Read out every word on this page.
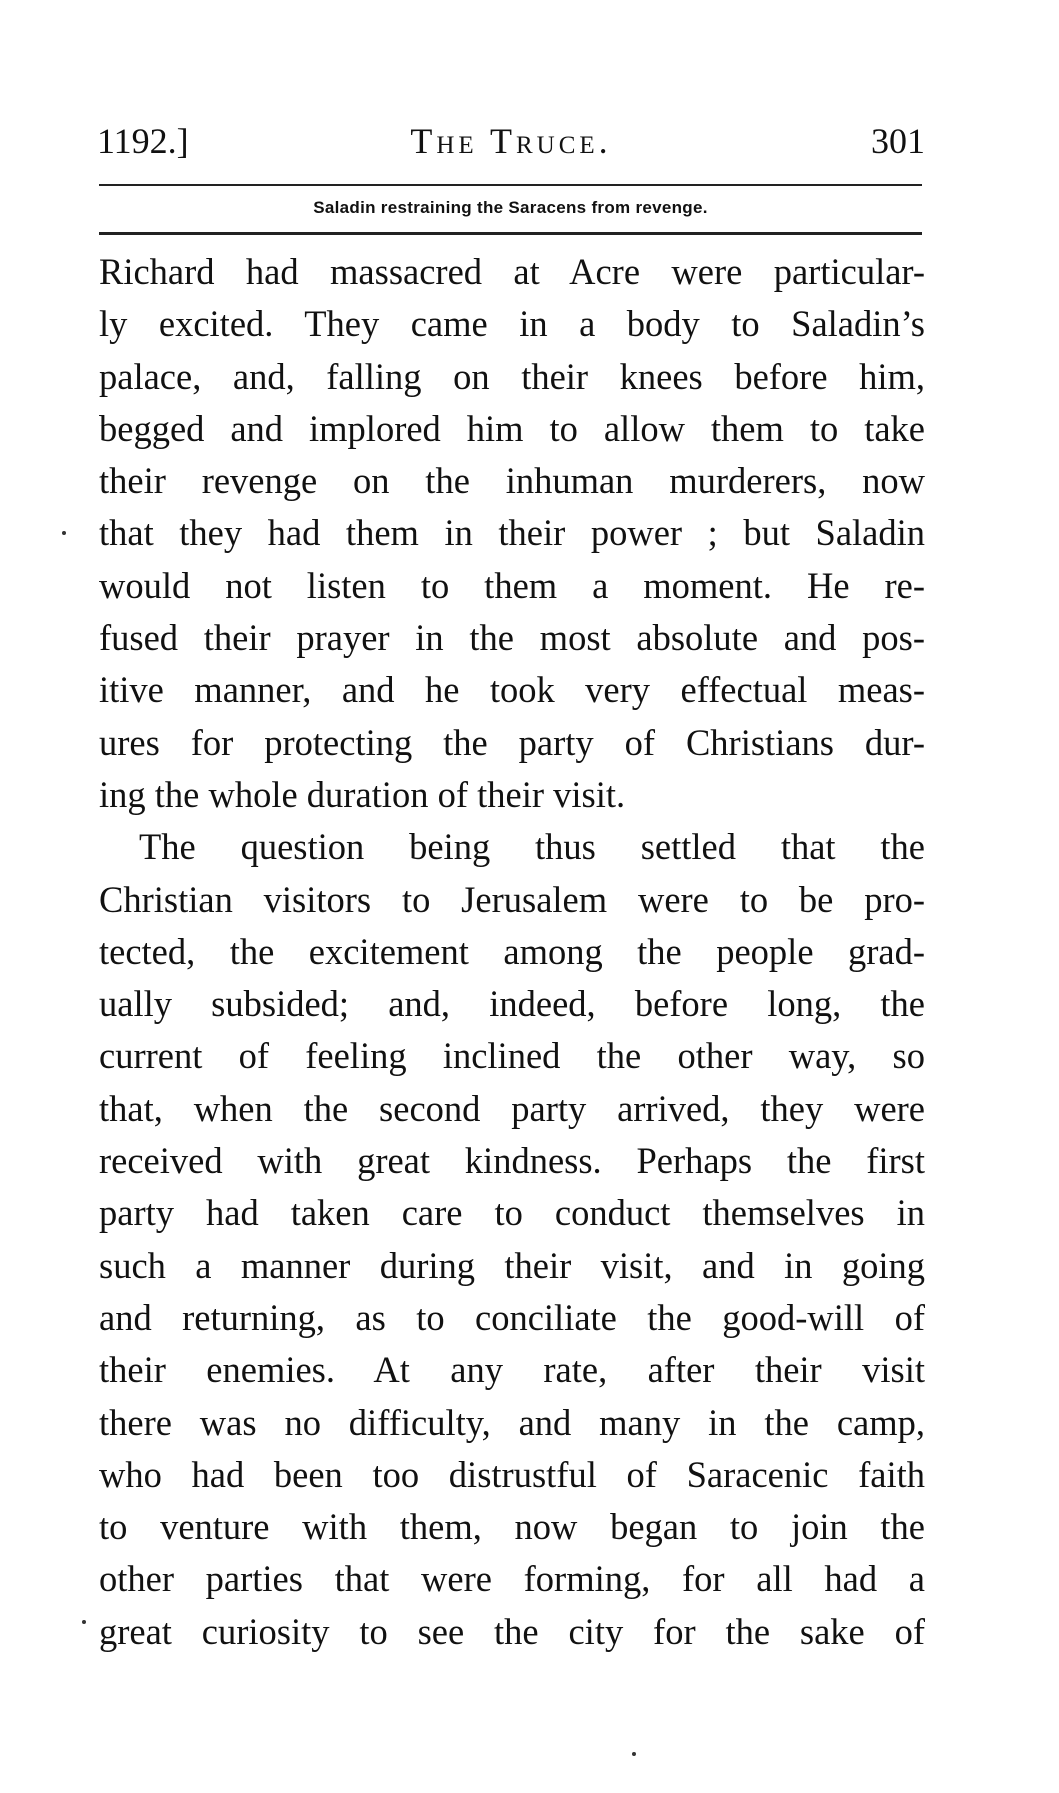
1192.]	The Truce.	301
Saladin restraining the Saracens from revenge.
Richard had massacred at Acre were particular-
ly excited. They came in a body to Saladin’s
palace, and, falling on their knees before him,
begged and implored him to allow them to take
their revenge on the inhuman murderers, now
that they had them in their power ; but Saladin
would not listen to them a moment. He re-
fused their prayer in the most absolute and pos-
itive manner, and he took very effectual meas-
ures for protecting the party of Christians dur-
ing the whole duration of their visit.
The question being thus settled that the
Christian visitors to Jerusalem were to be pro-
tected, the excitement among the people grad-
ually subsided; and, indeed, before long, the
current of feeling inclined the other way, so
that, when the second party arrived, they were
received with great kindness. Perhaps the first
party had taken care to conduct themselves in
such a manner during their visit, and in going
and returning, as to conciliate the good-will of
their enemies. At any rate, after their visit
there was no difficulty, and many in the camp,
who had been too distrustful of Saracenic faith
to venture with them, now began to join the
other parties that were forming, for all had a
great curiosity to see the city for the sake of
